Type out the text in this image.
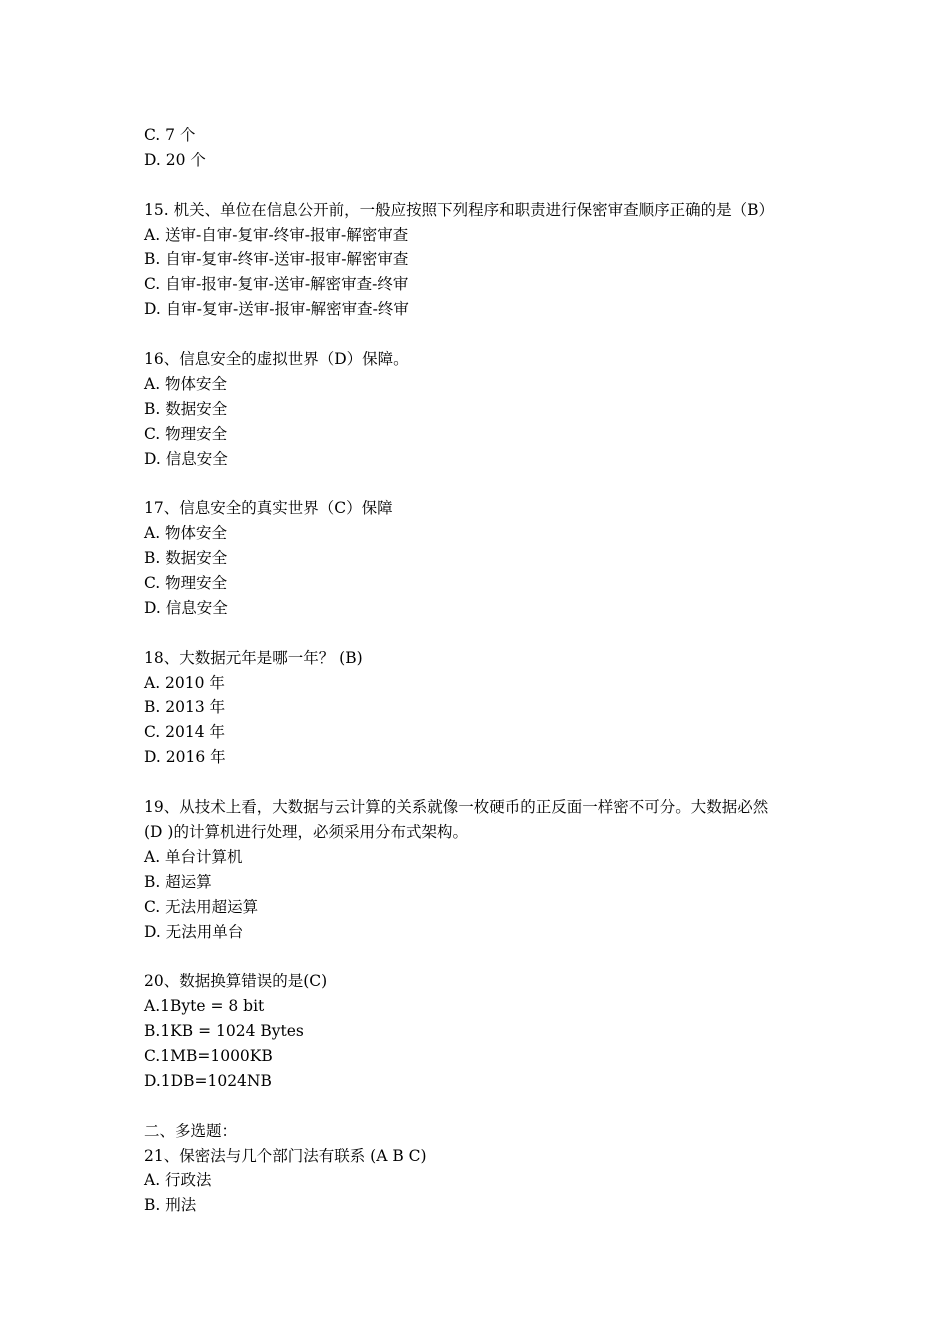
C. 7 个
D. 20 个
15. 机关、单位在信息公开前，一般应按照下列程序和职责进行保密审查顺序正确的是（B）
A. 送审-自审-复审-终审-报审-解密审查
B. 自审-复审-终审-送审-报审-解密审查
C. 自审-报审-复审-送审-解密审查-终审
D. 自审-复审-送审-报审-解密审查-终审
16、信息安全的虚拟世界（D）保障。
A. 物体安全
B. 数据安全
C. 物理安全
D. 信息安全
17、信息安全的真实世界（C）保障
A. 物体安全
B. 数据安全
C. 物理安全
D. 信息安全
18、大数据元年是哪一年？ (B)
A. 2010 年
B. 2013 年
C. 2014 年
D. 2016 年
19、从技术上看，大数据与云计算的关系就像一枚硬币的正反面一样密不可分。大数据必然
(D )的计算机进行处理，必须采用分布式架构。
A. 单台计算机
B. 超运算
C. 无法用超运算
D. 无法用单台
20、数据换算错误的是(C)
A.1Byte = 8 bit
B.1KB = 1024 Bytes
C.1MB=1000KB
D.1DB=1024NB
二、多选题：
21、保密法与几个部门法有联系 (A B C)
A. 行政法
B. 刑法
